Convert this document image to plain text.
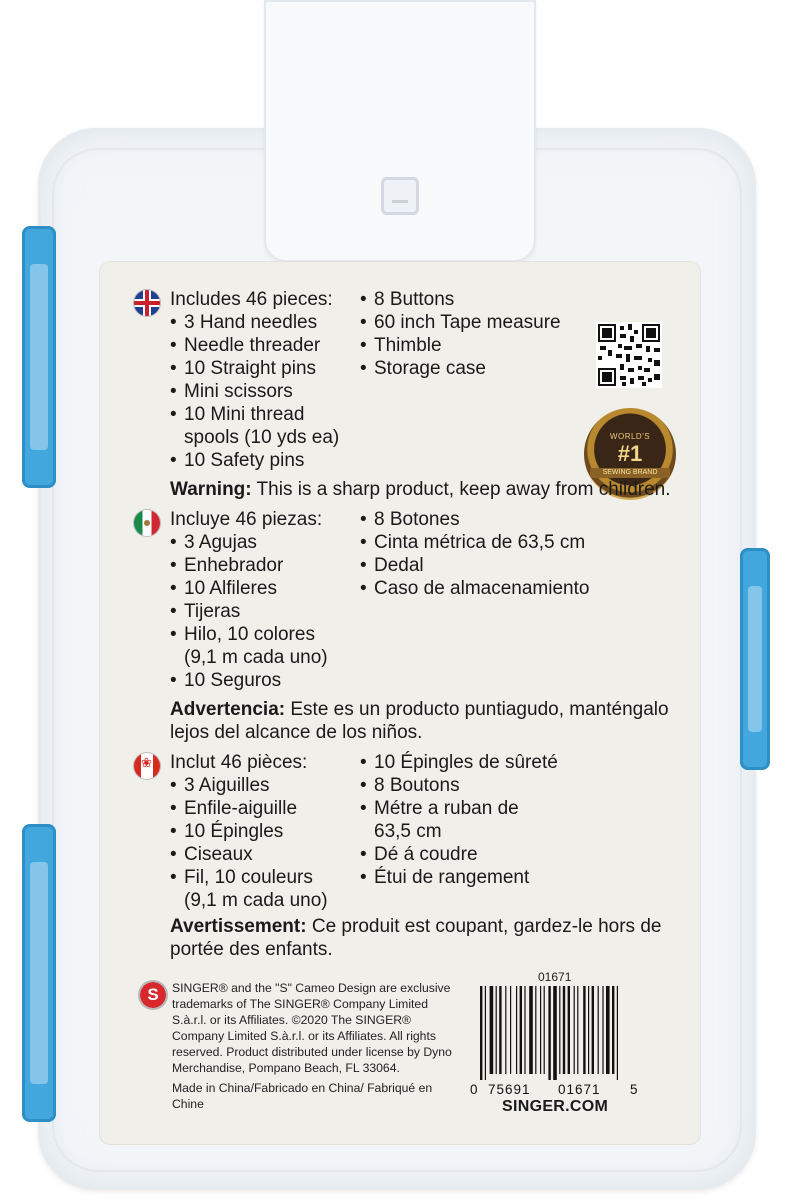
Includes 46 pieces:
• 3 Hand needles
• Needle threader
• 10 Straight pins
• Mini scissors
• 10 Mini thread
spools (10 yds ea)
• 10 Safety pins
• 8 Buttons
• 60 inch Tape measure
• Thimble
• Storage case
WORLD'S
#1
SEWING BRAND
Warning: This is a sharp product, keep away from children.
Incluye 46 piezas:
• 3 Agujas
• Enhebrador
• 10 Alfileres
• Tijeras
• Hilo, 10 colores
(9,1 m cada uno)
• 10 Seguros
• 8 Botones
• Cinta métrica de 63,5 cm
• Dedal
• Caso de almacenamiento
Advertencia: Este es un producto puntiagudo, manténgalo lejos del alcance de los niños.
❀
Inclut 46 pièces:
• 3 Aiguilles
• Enfile-aiguille
• 10 Épingles
• Ciseaux
• Fil, 10 couleurs
(9,1 m cada uno)
• 10 Épingles de sûreté
• 8 Boutons
• Métre a ruban de
63,5 cm
• Dé á coudre
• Étui de rangement
Avertissement: Ce produit est coupant, gardez-le hors de portée des enfants.
S	SINGER® and the "S" Cameo Design are exclusive trademarks of The SINGER® Company Limited S.à.r.l. or its Affiliates. ©2020 The SINGER® Company Limited S.à.r.l. or its Affiliates. All rights reserved. Product distributed under license by Dyno Merchandise, Pompano Beach, FL 33064.
Made in China/Fabricado en China/ Fabriqué en Chine
01671
0 75691 01671 5
SINGER.COM
